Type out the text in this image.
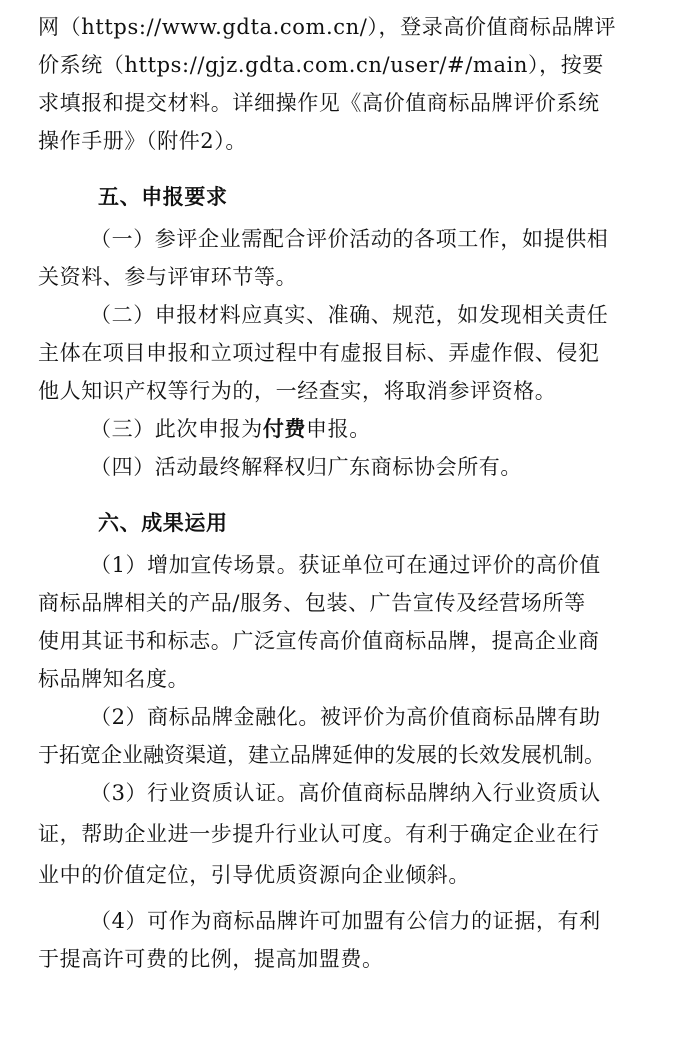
网（https://www.gdta.com.cn/），登录高价值商标品牌评
价系统（https://gjz.gdta.com.cn/user/#/main），按要
求填报和提交材料。详细操作见《高价值商标品牌评价系统
操作手册》（附件2）。
五、申报要求
（一）参评企业需配合评价活动的各项工作，如提供相
关资料、参与评审环节等。
（二）申报材料应真实、准确、规范，如发现相关责任
主体在项目申报和立项过程中有虚报目标、弄虚作假、侵犯
他人知识产权等行为的，一经查实，将取消参评资格。
（三）此次申报为付费申报。
（四）活动最终解释权归广东商标协会所有。
六、成果运用
（1）增加宣传场景。获证单位可在通过评价的高价值
商标品牌相关的产品/服务、包装、广告宣传及经营场所等
使用其证书和标志。广泛宣传高价值商标品牌，提高企业商
标品牌知名度。
（2）商标品牌金融化。被评价为高价值商标品牌有助
于拓宽企业融资渠道，建立品牌延伸的发展的长效发展机制。
（3）行业资质认证。高价值商标品牌纳入行业资质认
证，帮助企业进一步提升行业认可度。有利于确定企业在行
业中的价值定位，引导优质资源向企业倾斜。
（4）可作为商标品牌许可加盟有公信力的证据，有利
于提高许可费的比例，提高加盟费。
